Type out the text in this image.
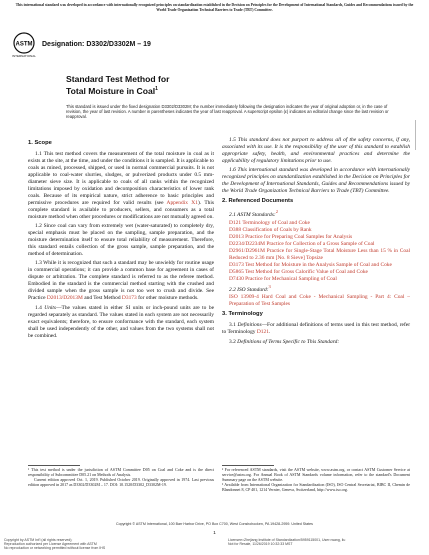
This international standard was developed in accordance with internationally recognized principles on standardization established in the Decision on Principles for the Development of International Standards, Guides and Recommendations issued by the World Trade Organization Technical Barriers to Trade (TBT) Committee.
ASTM
INTERNATIONAL
Designation: D3302/D3302M – 19
Standard Test Method for
Total Moisture in Coal$^1$
This standard is issued under the fixed designation D3302/D3302M; the number immediately following the designation indicates the year of original adoption or, in the case of revision, the year of last revision. A number in parentheses indicates the year of last reapproval. A superscript epsilon (ε) indicates an editorial change since the last revision or reapproval.
1. Scope
1.1 This test method covers the measurement of the total moisture in coal as it exists at the site, at the time, and under the conditions it is sampled. It is applicable to coals as mined, processed, shipped, or used in normal commercial pursuits. It is not applicable to coal-water slurries, sludges, or pulverized products under 0.5 mm-diameter sieve size. It is applicable to coals of all ranks within the recognized limitations imposed by oxidation and decomposition characteristics of lower rank coals. Because of its empirical nature, strict adherence to basic principles and permissive procedures are required for valid results (see Appendix X1). This complete standard is available to producers, sellers, and consumers as a total moisture method when other procedures or modifications are not mutually agreed on.
1.2 Since coal can vary from extremely wet (water-saturated) to completely dry, special emphasis must be placed on the sampling, sample preparation, and the moisture determination itself to ensure total reliability of measurement. Therefore, this standard entails collection of the gross sample, sample preparation, and the method of determination.
1.3 While it is recognized that such a standard may be unwieldy for routine usage in commercial operations; it can provide a common base for agreement in cases of dispute or arbitration. The complete standard is referred to as the referee method. Embodied in the standard is the commercial method starting with the crushed and divided sample when the gross sample is not too wet to crush and divide. See Practice D2013/D2013M and Test Method D3173 for other moisture methods.
1.4 Units—The values stated in either SI units or inch-pound units are to be regarded separately as standard. The values stated in each system are not necessarily exact equivalents; therefore, to ensure conformance with the standard, each system shall be used independently of the other, and values from the two systems shall not be combined.
1.5 This standard does not purport to address all of the safety concerns, if any, associated with its use. It is the responsibility of the user of this standard to establish appropriate safety, health, and environmental practices and determine the applicability of regulatory limitations prior to use.
1.6 This international standard was developed in accordance with internationally recognized principles on standardization established in the Decision on Principles for the Development of International Standards, Guides and Recommendations issued by the World Trade Organization Technical Barriers to Trade (TBT) Committee.
2. Referenced Documents
2.1 ASTM Standards:$^2$
D121 Terminology of Coal and Coke
D388 Classification of Coals by Rank
D2013 Practice for Preparing Coal Samples for Analysis
D2234/D2234M Practice for Collection of a Gross Sample of Coal
D2961/D2961M Practice for Single-Stage Total Moisture Less than 15 % in Coal Reduced to 2.36 mm [No. 8 Sieve] Topsize
D3173 Test Method for Moisture in the Analysis Sample of Coal and Coke
D5865 Test Method for Gross Calorific Value of Coal and Coke
D7430 Practice for Mechanical Sampling of Coal
2.2 ISO Standard:$^3$
ISO 13909-4 Hard Coal and Coke - Mechanical Sampling - Part 4: Coal – Preparation of Test Samples
3. Terminology
3.1 Definitions—For additional definitions of terms used in this test method, refer to Terminology D121.
3.2 Definitions of Terms Specific to This Standard:
¹ This test method is under the jurisdiction of ASTM Committee D05 on Coal and Coke and is the direct responsibility of Subcommittee D05.21 on Methods of Analysis.
Current edition approved Oct. 1, 2019. Published October 2019. Originally approved in 1974. Last previous edition approved in 2017 as D3302/D3302M – 17. DOI: 10.1520/D3302_D3302M-19.
² For referenced ASTM standards, visit the ASTM website, www.astm.org, or contact ASTM Customer Service at service@astm.org. For Annual Book of ASTM Standards volume information, refer to the standard's Document Summary page on the ASTM website.
³ Available from International Organization for Standardization (ISO), ISO Central Secretariat, BIBC II, Chemin de Blandonnet 8, CP 401, 1214 Vernier, Geneva, Switzerland, http://www.iso.org.
Copyright © ASTM International, 100 Barr Harbor Drive, PO Box C700, West Conshohocken, PA 19428-2959. United States
1
Copyright by ASTM Int'l (all rights reserved);
Reproduction authorized per License Agreement with ASTM
No reproduction or networking permitted without license from IHS
Licensee=Zhejiang Institute of Standardization/5959115001, User=wang, liu
Not for Resale, 11/26/2019 10:32:33 MST
